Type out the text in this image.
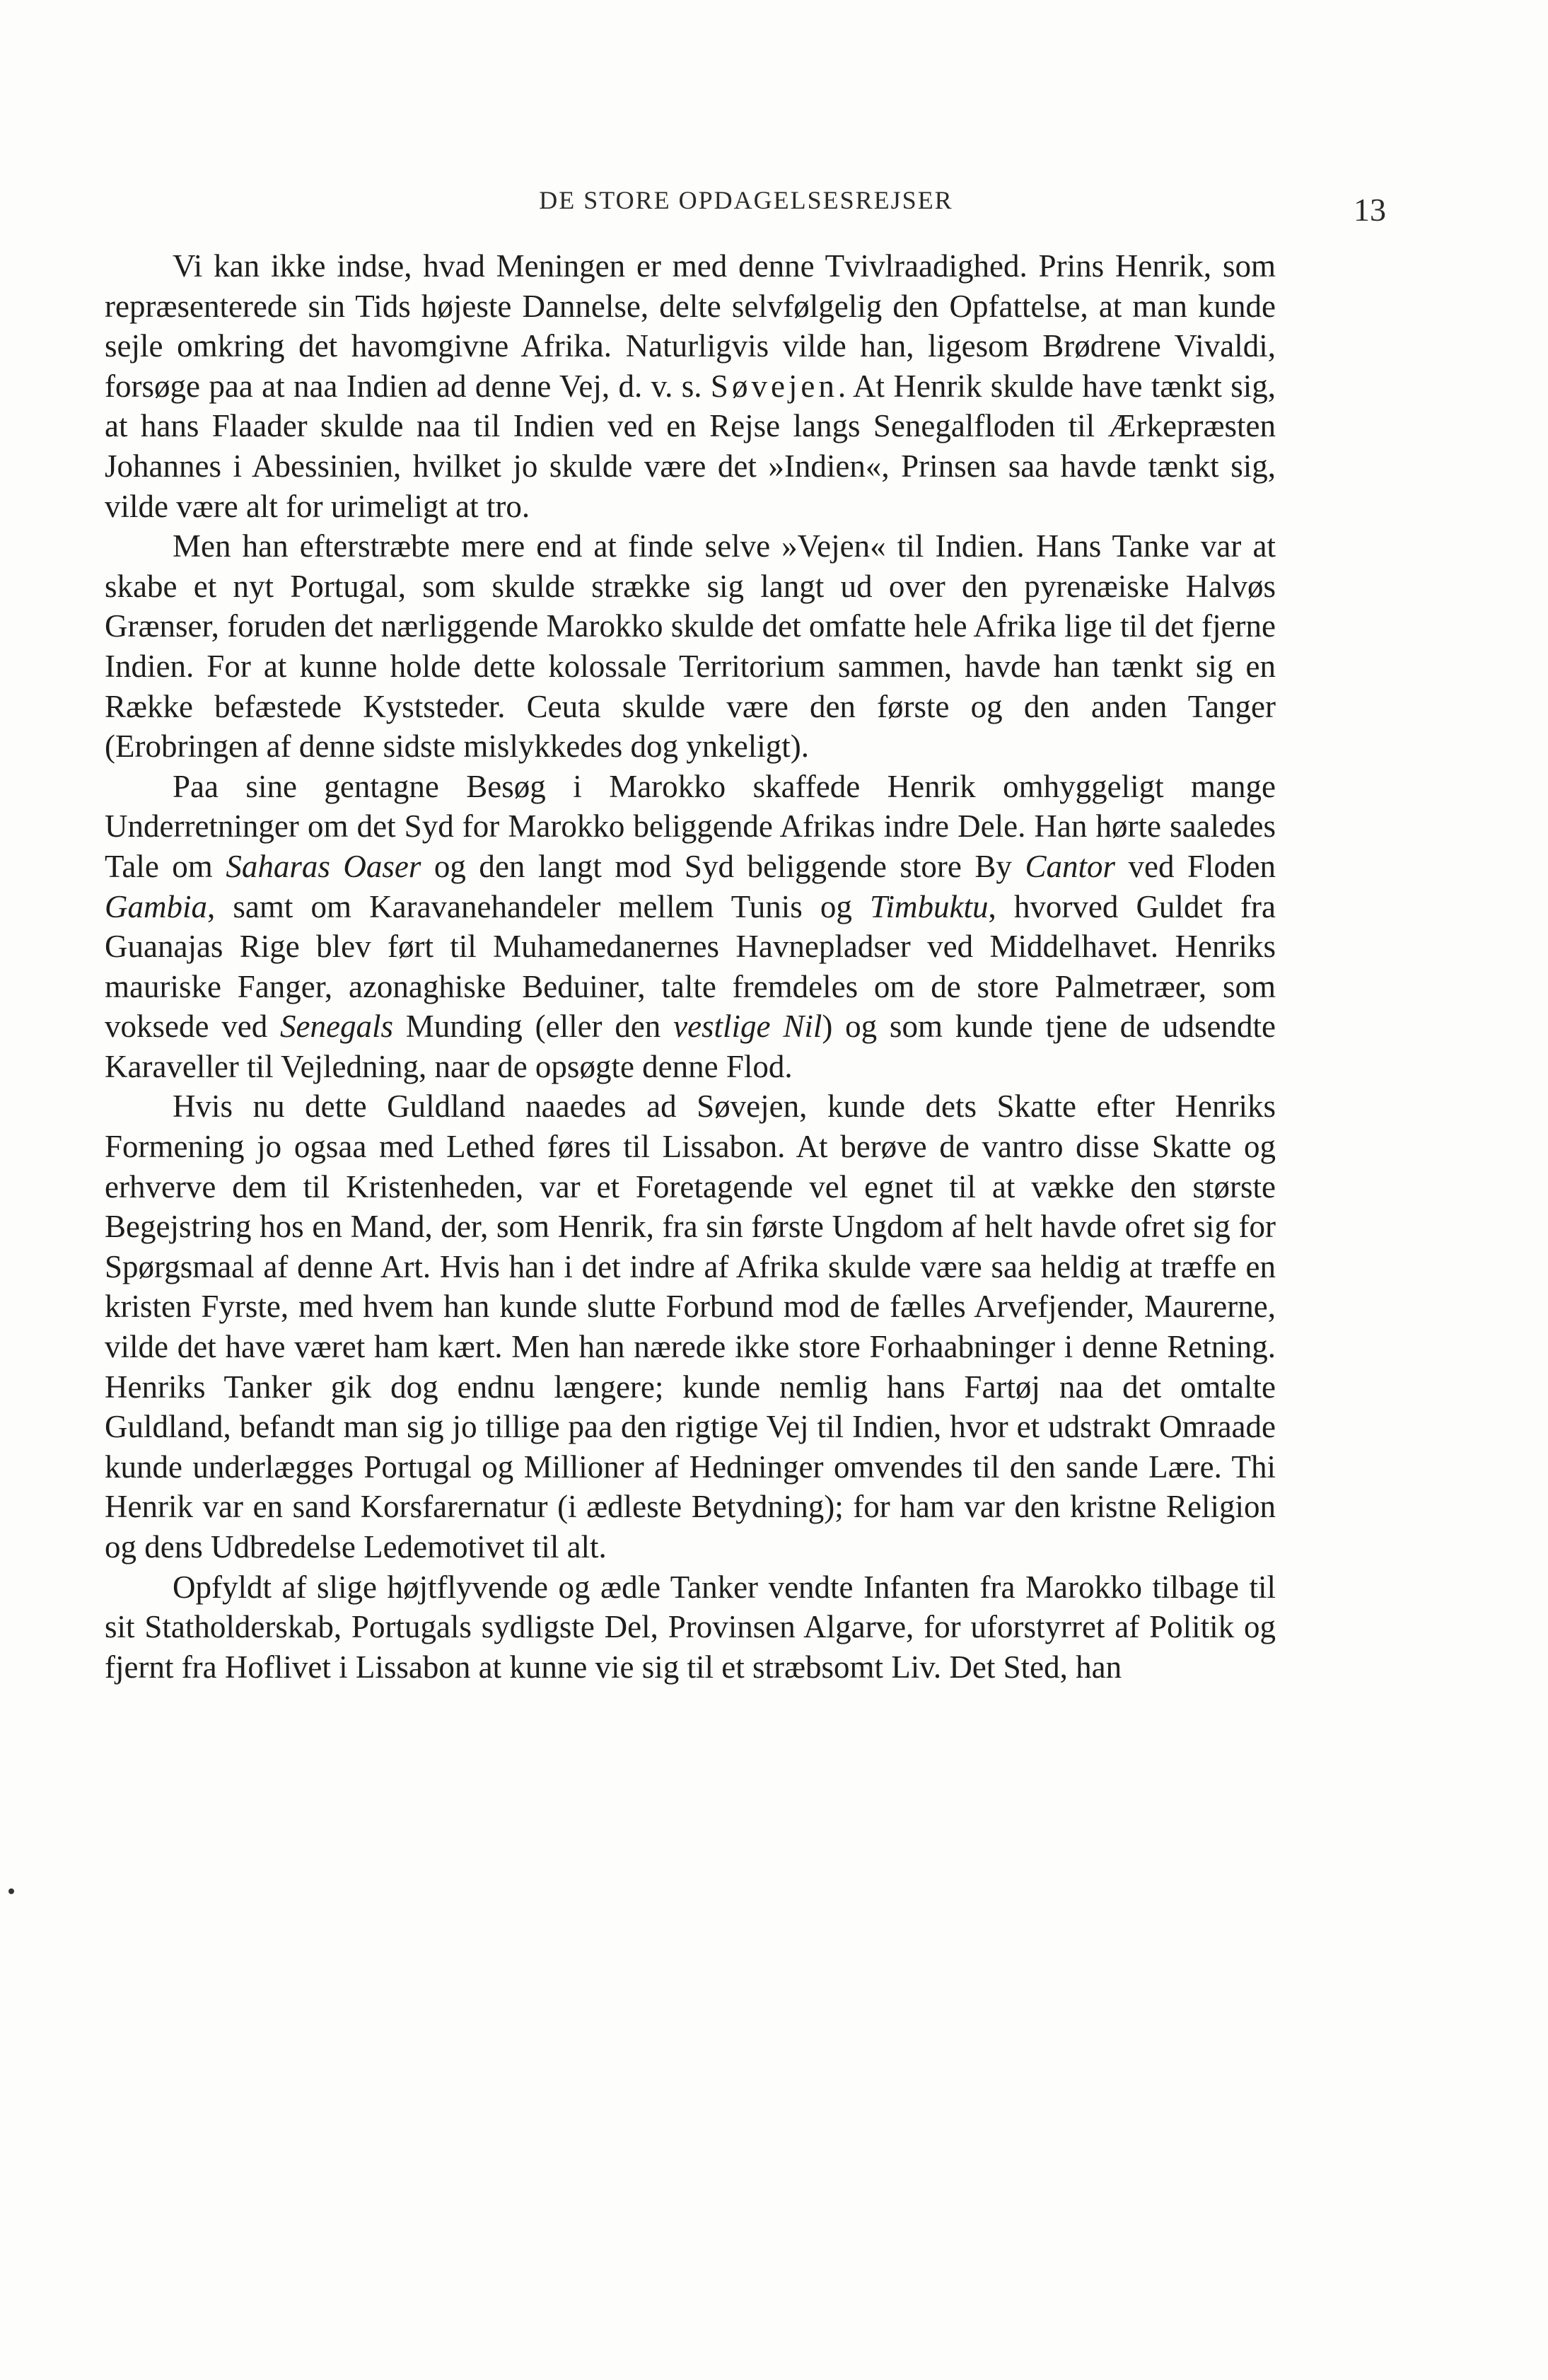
DE STORE OPDAGELSESREJSER	13

Vi kan ikke indse, hvad Meningen er med denne Tvivlraadighed. Prins Henrik, som repræsenterede sin Tids højeste Dannelse, delte selvfølgelig den Opfattelse, at man kunde sejle omkring det havomgivne Afrika. Naturligvis vilde han, ligesom Brødrene Vivaldi, forsøge paa at naa Indien ad denne Vej, d. v. s. Søvejen. At Henrik skulde have tænkt sig, at hans Flaader skulde naa til Indien ved en Rejse langs Senegalfloden til Ærkepræsten Johannes i Abessinien, hvilket jo skulde være det »Indien«, Prinsen saa havde tænkt sig, vilde være alt for urimeligt at tro.

Men han efterstræbte mere end at finde selve »Vejen« til Indien. Hans Tanke var at skabe et nyt Portugal, som skulde strække sig langt ud over den pyrenæiske Halvøs Grænser, foruden det nærliggende Marokko skulde det omfatte hele Afrika lige til det fjerne Indien. For at kunne holde dette kolossale Territorium sammen, havde han tænkt sig en Række befæstede Kyststeder. Ceuta skulde være den første og den anden Tanger (Erobringen af denne sidste mislykkedes dog ynkeligt).

Paa sine gentagne Besøg i Marokko skaffede Henrik omhyggeligt mange Underretninger om det Syd for Marokko beliggende Afrikas indre Dele. Han hørte saaledes Tale om Saharas Oaser og den langt mod Syd beliggende store By Cantor ved Floden Gambia, samt om Karavanehandeler mellem Tunis og Timbuktu, hvorved Guldet fra Guanajas Rige blev ført til Muhamedanernes Havnepladser ved Middelhavet. Henriks mauriske Fanger, azonaghiske Beduiner, talte fremdeles om de store Palmetræer, som voksede ved Senegals Munding (eller den vestlige Nil) og som kunde tjene de udsendte Karaveller til Vejledning, naar de opsøgte denne Flod.

Hvis nu dette Guldland naaedes ad Søvejen, kunde dets Skatte efter Henriks Formening jo ogsaa med Lethed føres til Lissabon. At berøve de vantro disse Skatte og erhverve dem til Kristenheden, var et Foretagende vel egnet til at vække den største Begejstring hos en Mand, der, som Henrik, fra sin første Ungdom af helt havde ofret sig for Spørgsmaal af denne Art. Hvis han i det indre af Afrika skulde være saa heldig at træffe en kristen Fyrste, med hvem han kunde slutte Forbund mod de fælles Arvefjender, Maurerne, vilde det have været ham kært. Men han nærede ikke store Forhaabninger i denne Retning. Henriks Tanker gik dog endnu længere; kunde nemlig hans Fartøj naa det omtalte Guldland, befandt man sig jo tillige paa den rigtige Vej til Indien, hvor et udstrakt Omraade kunde underlægges Portugal og Millioner af Hedninger omvendes til den sande Lære. Thi Henrik var en sand Korsfarernatur (i ædleste Betydning); for ham var den kristne Religion og dens Udbredelse Ledemotivet til alt.

Opfyldt af slige højtflyvende og ædle Tanker vendte Infanten fra Marokko tilbage til sit Statholderskab, Portugals sydligste Del, Provinsen Algarve, for uforstyrret af Politik og fjernt fra Hoflivet i Lissabon at kunne vie sig til et stræbsomt Liv. Det Sted, han
